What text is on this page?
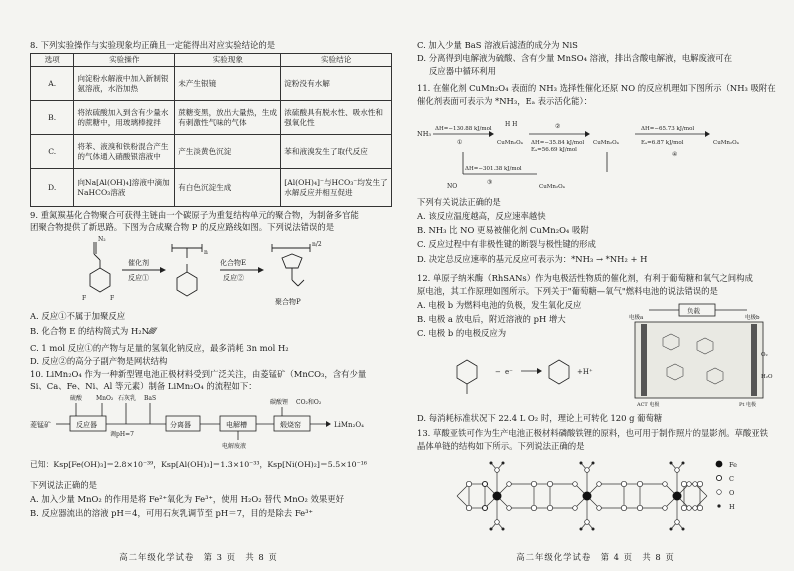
8. 下列实验操作与实验现象均正确且一定能得出对应实验结论的是
选项	实验操作	实验现象	实验结论
A.	向淀粉水解液中加入新制银氨溶液，水浴加热	未产生银镜	淀粉没有水解
B.	将浓硫酸加入到含有少量水的蔗糖中，用玻璃棒搅拌	蔗糖变黑，放出大量热，生成有刺激性气味的气体	浓硫酸具有脱水性、吸水性和强氧化性
C.	将苯、液溴和铁粉混合产生的气体通入硝酸银溶液中	产生淡黄色沉淀	苯和液溴发生了取代反应
D.	向Na[Al(OH)₄]溶液中滴加NaHCO₃溶液	有白色沉淀生成	[Al(OH)₄]⁻与HCO₃⁻均发生了水解反应并相互促进
9. 重氮羰基化合物聚合可获得主链由一个碳原子为重复结构单元的聚合物，为制备多官能
团聚合物提供了新思路。下图为合成聚合物 P 的反应路线如图。下列说法错误的是
N₂
F	F
催化剂
反应①
n
化合物E
反应②
n/2
聚合物P
A. 反应①不属于加聚反应
B. 化合物 E 的结构简式为 H₂N⁄⁄⁄⁄⁄
C. 1 mol 反应①的产物与足量的氢氧化钠反应，最多消耗 3n mol H₂
D. 反应②的高分子副产物是网状结构
10. LiMn₂O₄ 作为一种新型锂电池正极材料受到广泛关注，由菱锰矿（MnCO₃，含有少量
Si、Ca、Fe、Ni、Al 等元素）制备 LiMn₂O₄ 的流程如下：
菱锰矿	反应器
硫酸 MnO₂ 石灰乳 BaS
调pH=7
分离器	电解槽
电解废液
煅烧窑
碳酸锂 CO₂和O₂
LiMn₂O₄
已知：Ksp[Fe(OH)₃]＝2.8×10⁻³⁹，Ksp[Al(OH)₃]＝1.3×10⁻³³，Ksp[Ni(OH)₂]＝5.5×10⁻¹⁶
下列说法正确的是
A. 加入少量 MnO₂ 的作用是将 Fe²⁺氧化为 Fe³⁺，使用 H₂O₂ 替代 MnO₂ 效果更好
B. 反应器流出的溶液 pH＝4，可用石灰乳调节至 pH＝7，目的是除去 Fe³⁺
高二年级化学试卷　第 3 页　共 8 页
C. 加入少量 BaS 溶液后滤渣的成分为 NiS
D. 分离得到电解液为硫酸、含有少量 MnSO₄ 溶液，排出含酸电解液，电解废液可在
反应器中循环利用
11. 在催化剂 CuMn₂O₄ 表面的 NH₃ 选择性催化还原 NO 的反应机理如下图所示（NH₃ 吸附在
催化剂表面可表示为 *NH₃，Eₐ 表示活化能）：
NH₃
ΔH=−130.88 kJ/mol
①	CuMn₂O₄
H H
ΔH=−35.84 kJ/mol
Eₐ=56.69 kJ/mol
②
CuMn₂O₄
ΔH=−65.73 kJ/mol
Eₐ=6.87 kJ/mol
④
CuMn₂O₄
ΔH=−301.38 kJ/mol
③
NO	CuMn₂O₄
下列有关说法正确的是
A. 该反应温度越高，反应速率越快
B. NH₃ 比 NO 更易被催化剂 CuMn₂O₄ 吸附
C. 反应过程中有非极性键的断裂与极性键的形成
D. 决定总反应速率的基元反应可表示为：*NH₃ → *NH₂ + H
12. 单原子纳米酶（RhSANs）作为电极活性物质的催化剂，有利于葡萄糖和氧气之间构成
原电池，其工作原理如图所示。下列关于"葡萄糖—氧气"燃料电池的说法错误的是
A. 电极 b 为燃料电池的负极，发生氧化反应
B. 电极 a 放电后，附近溶液的 pH 增大
C. 电极 b 的电极反应为
− e⁻	+H⁺
负载
电极a	电极b
O₂
H₂O
ACT 电极	Pt 电极
D. 每消耗标准状况下 22.4 L O₂ 时，理论上可转化 120 g 葡萄糖
13. 草酸亚铁可作为生产电池正极材料磷酸铁锂的原料，也可用于制作照片的显影剂。草酸亚铁
晶体单链的结构如下所示。下列说法正确的是
Fe
C
O
H
高二年级化学试卷　第 4 页　共 8 页
